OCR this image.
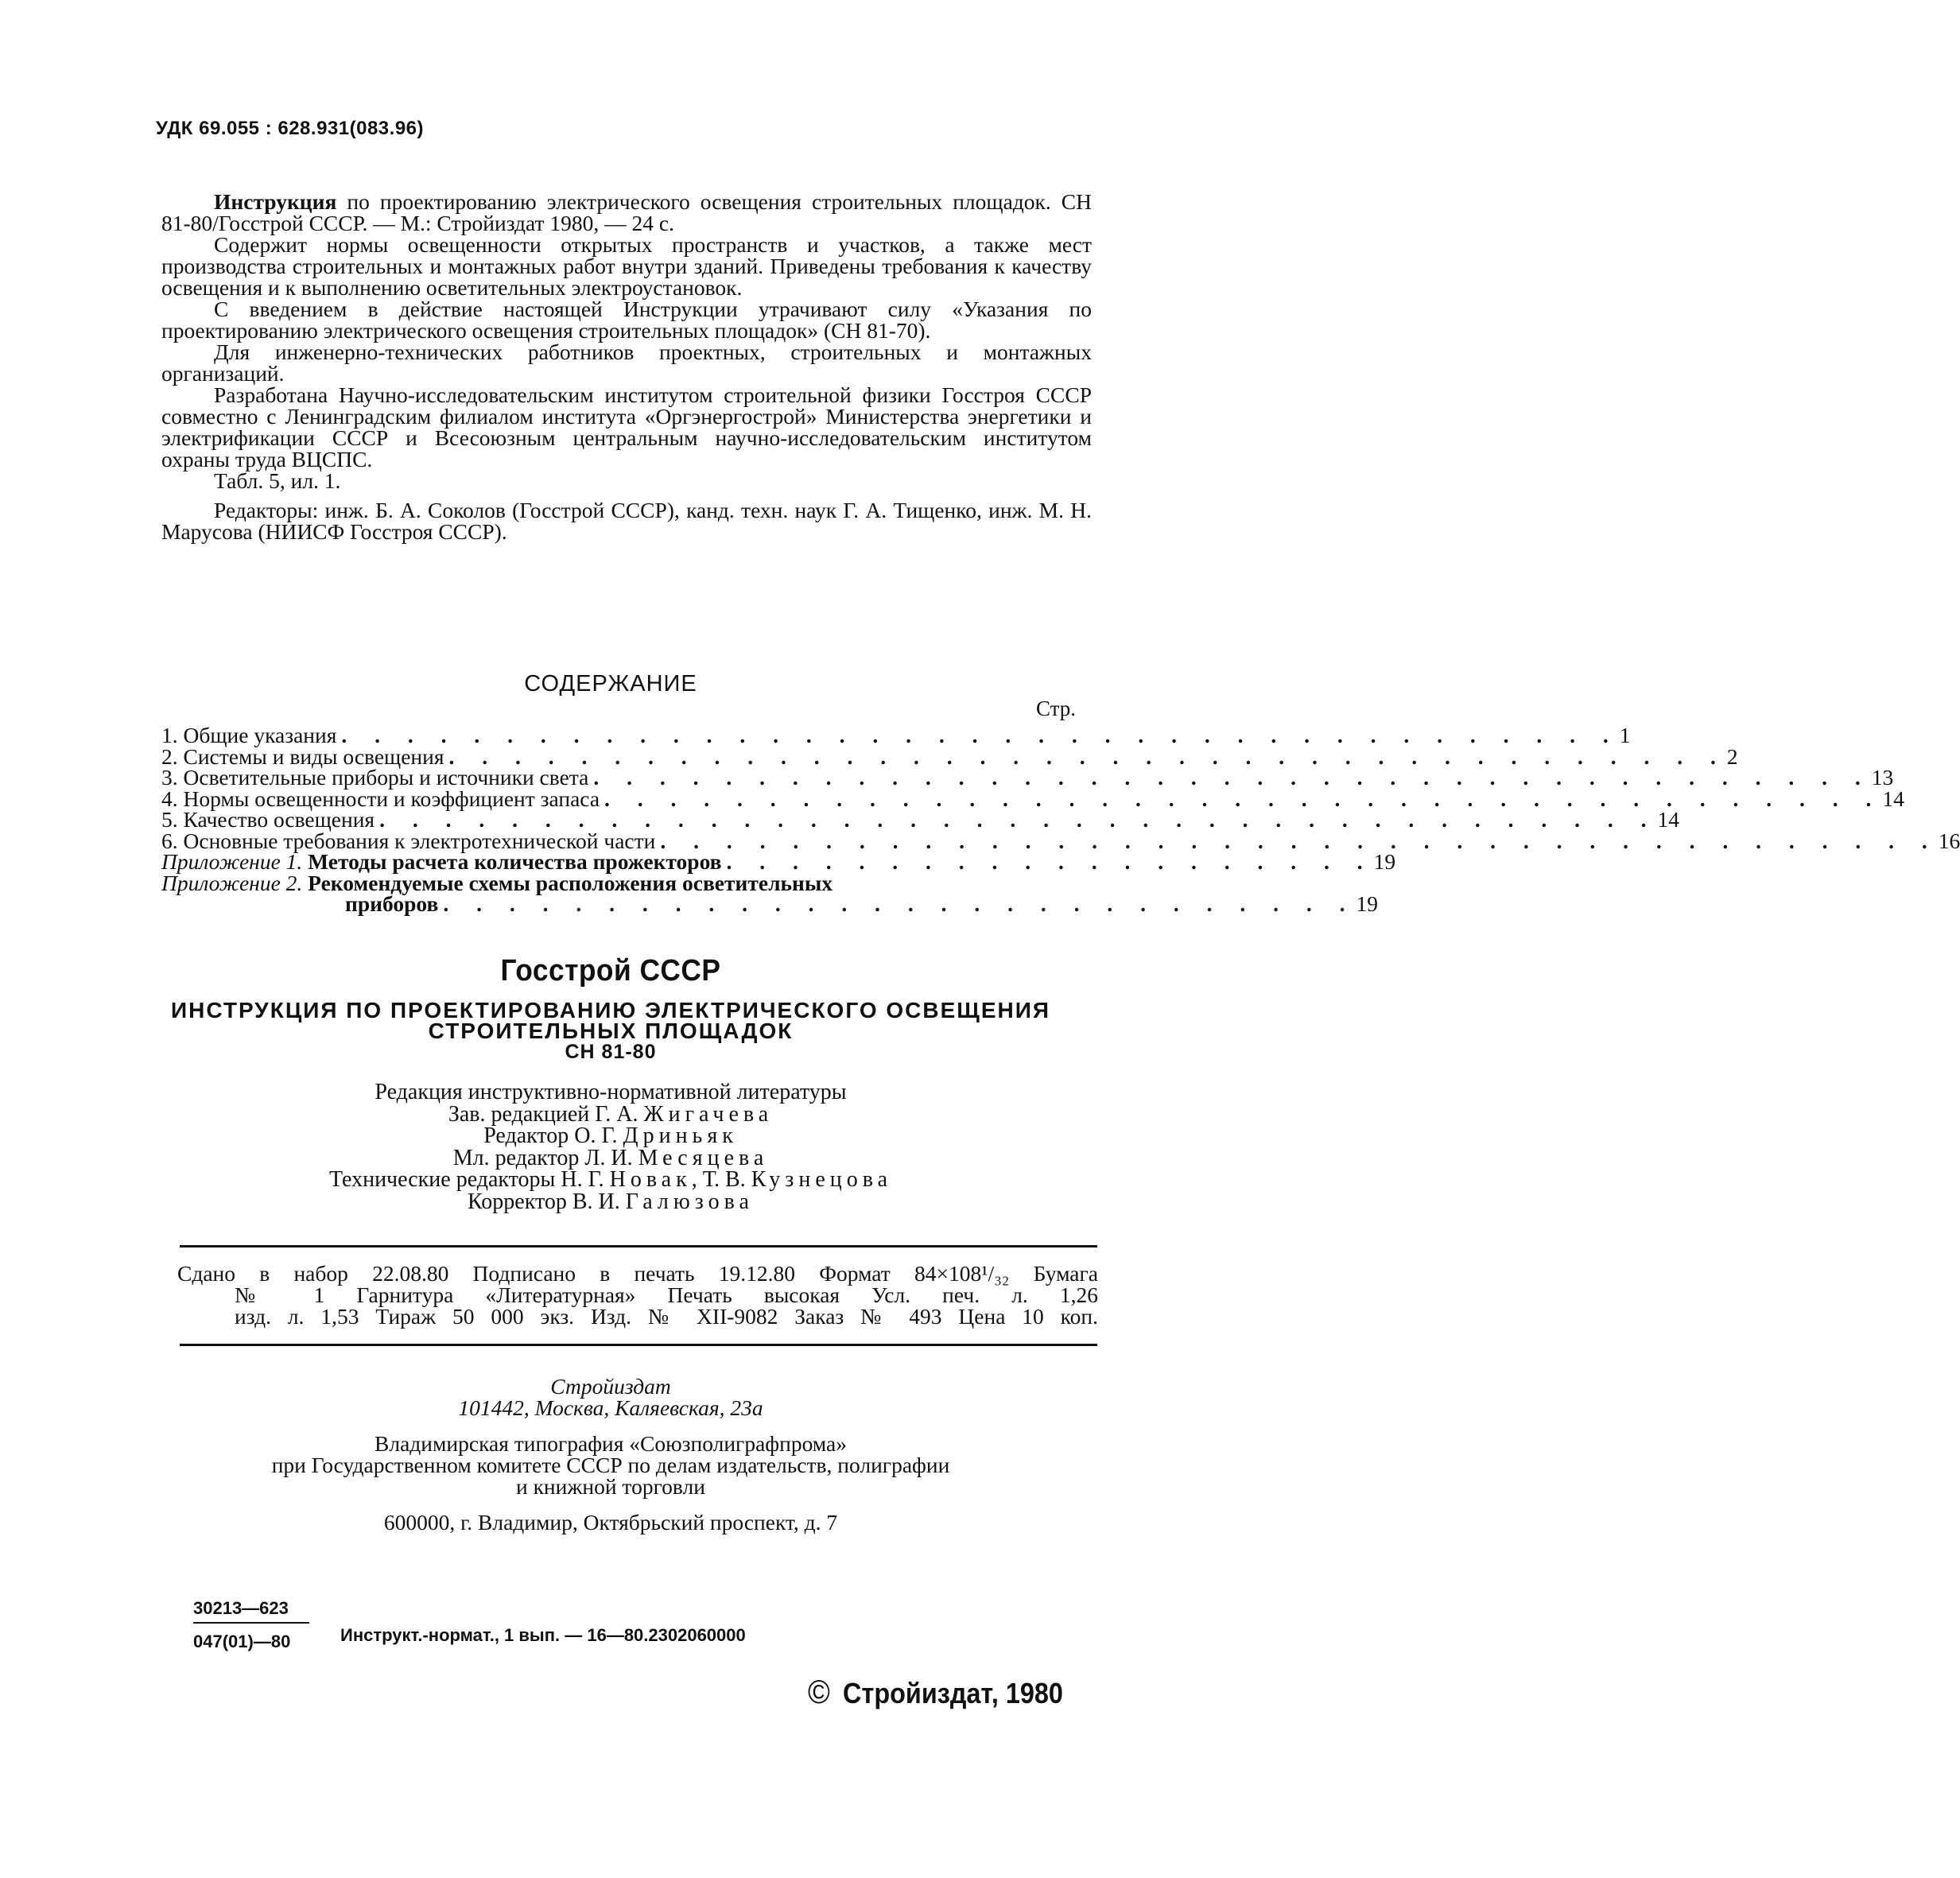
УДК 69.055 : 628.931(083.96)

Инструкция по проектированию электрического освещения строительных площадок. СН 81-80/Госстрой СССР. — М.: Стройиздат 1980, — 24 с.

Содержит нормы освещенности открытых пространств и участков, а также мест производства строительных и монтажных работ внутри зданий. Приведены требования к качеству освещения и к выполнению осветительных электроустановок.

С введением в действие настоящей Инструкции утрачивают силу «Указания по проектированию электрического освещения строительных площадок» (СН 81-70).

Для инженерно-технических работников проектных, строительных и монтажных организаций.

Разработана Научно-исследовательским институтом строительной физики Госстроя СССР совместно с Ленинградским филиалом института «Оргэнергострой» Министерства энергетики и электрификации СССР и Всесоюзным центральным научно-исследовательским институтом охраны труда ВЦСПС.

Табл. 5, ил. 1.

Редакторы: инж. Б. А. Соколов (Госстрой СССР), канд. техн. наук Г. А. Тищенко, инж. М. Н. Марусова (НИИСФ Госстроя СССР).

СОДЕРЖАНИЕ
Стр.
1. Общие указания . . . . . . . . . . . . . . . . . . . . . . . . . . . . . . . . . . . . . . . 1
2. Системы и виды освещения . . . . . . . . . . . . . . . . . . . . . . . . . . . . . . . . . . . . . . . 2
3. Осветительные приборы и источники света . . . . . . . . . . . . . . . . . . . . . . . . . . . . . . . . . . . . . . . 13
4. Нормы освещенности и коэффициент запаса . . . . . . . . . . . . . . . . . . . . . . . . . . . . . . . . . . . . . . . 14
5. Качество освещения . . . . . . . . . . . . . . . . . . . . . . . . . . . . . . . . . . . . . . . 14
6. Основные требования к электротехнической части . . . . . . . . . . . . . . . . . . . . . . . . . . . . . . . . . . . . . . . 16
Приложение 1. Методы расчета количества прожекторов . . . . . . . . . . . . . . . . . . . . 19
Приложение 2. Рекомендуемые схемы расположения осветительных
приборов . . . . . . . . . . . . . . . . . . . . . . . . . . . . 19
Госстрой СССР
ИНСТРУКЦИЯ ПО ПРОЕКТИРОВАНИЮ ЭЛЕКТРИЧЕСКОГО ОСВЕЩЕНИЯ
СТРОИТЕЛЬНЫХ ПЛОЩАДОК
СН 81-80
Редакция инструктивно-нормативной литературы
Зав. редакцией Г. А. Жигачева
Редактор О. Г. Дриньяк
Мл. редактор Л. И. Месяцева
Технические редакторы Н. Г. Новак, Т. В. Кузнецова
Корректор В. И. Галюзова

Сдано в набор 22.08.80 Подписано в печать 19.12.80 Формат 84×108¹/₃₂ Бумага

№ 1 Гарнитура «Литературная» Печать высокая Усл. печ. л. 1,26

изд. л. 1,53 Тираж 50 000 экз. Изд. № XII-9082 Заказ № 493 Цена 10 коп.

Стройиздат
101442, Москва, Каляевская, 23а
Владимирская типография «Союзполиграфпрома»
при Государственном комитете СССР по делам издательств, полиграфии
и книжной торговли
600000, г. Владимир, Октябрьский проспект, д. 7
30213—623
047(01)—80	Инструкт.-нормат., 1 вып. — 16—80.2302060000
© Стройиздат, 1980
